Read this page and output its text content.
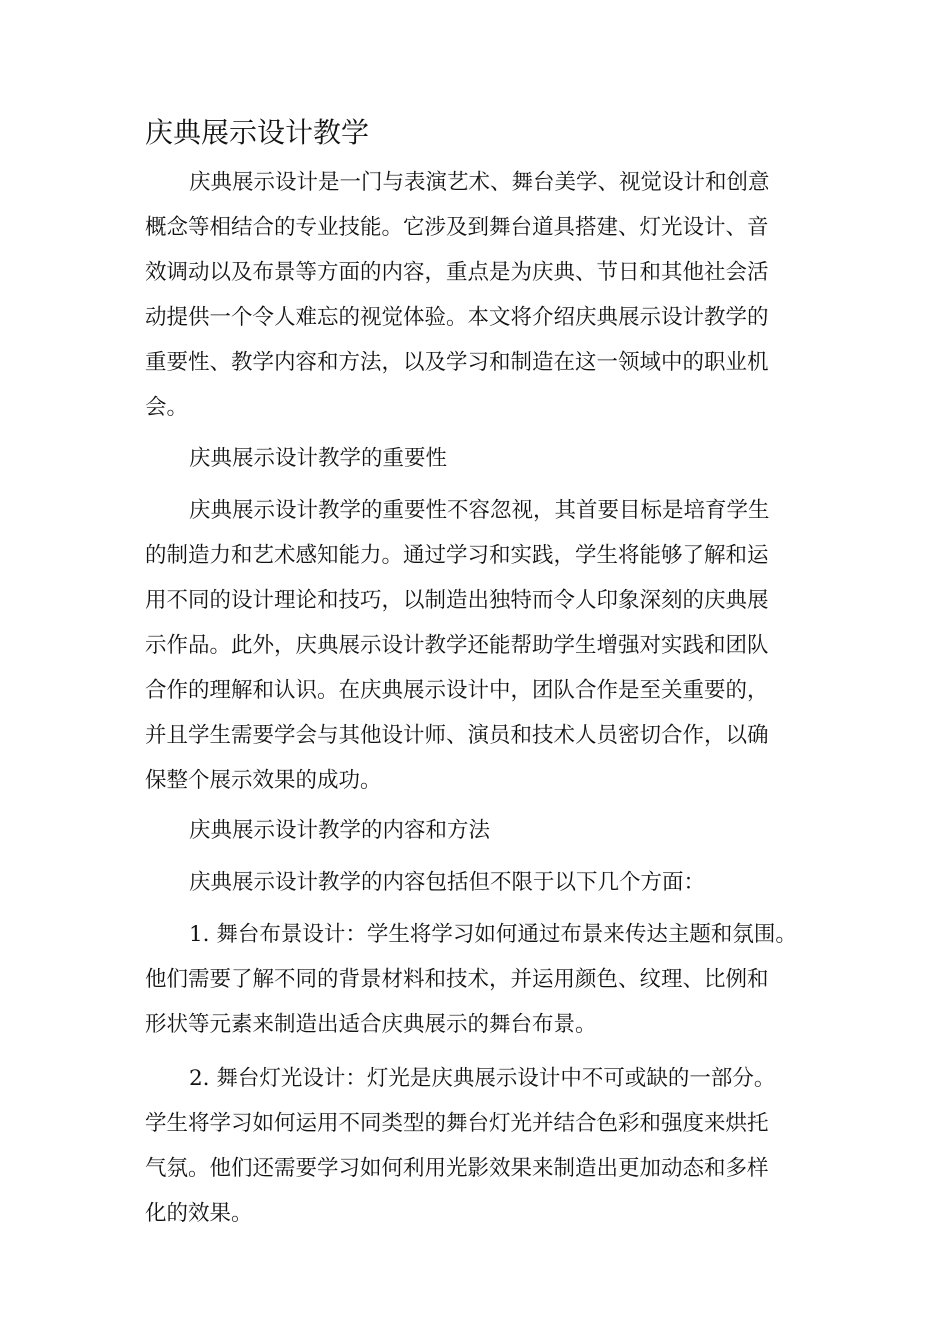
庆典展示设计教学
庆典展示设计是一门与表演艺术、舞台美学、视觉设计和创意
概念等相结合的专业技能。它涉及到舞台道具搭建、灯光设计、音
效调动以及布景等方面的内容，重点是为庆典、节日和其他社会活
动提供一个令人难忘的视觉体验。本文将介绍庆典展示设计教学的
重要性、教学内容和方法，以及学习和制造在这一领域中的职业机
会。
庆典展示设计教学的重要性
庆典展示设计教学的重要性不容忽视，其首要目标是培育学生
的制造力和艺术感知能力。通过学习和实践，学生将能够了解和运
用不同的设计理论和技巧，以制造出独特而令人印象深刻的庆典展
示作品。此外，庆典展示设计教学还能帮助学生增强对实践和团队
合作的理解和认识。在庆典展示设计中，团队合作是至关重要的，
并且学生需要学会与其他设计师、演员和技术人员密切合作，以确
保整个展示效果的成功。
庆典展示设计教学的内容和方法
庆典展示设计教学的内容包括但不限于以下几个方面：
1. 舞台布景设计：学生将学习如何通过布景来传达主题和氛围。
他们需要了解不同的背景材料和技术，并运用颜色、纹理、比例和
形状等元素来制造出适合庆典展示的舞台布景。
2. 舞台灯光设计：灯光是庆典展示设计中不可或缺的一部分。
学生将学习如何运用不同类型的舞台灯光并结合色彩和强度来烘托
气氛。他们还需要学习如何利用光影效果来制造出更加动态和多样
化的效果。
